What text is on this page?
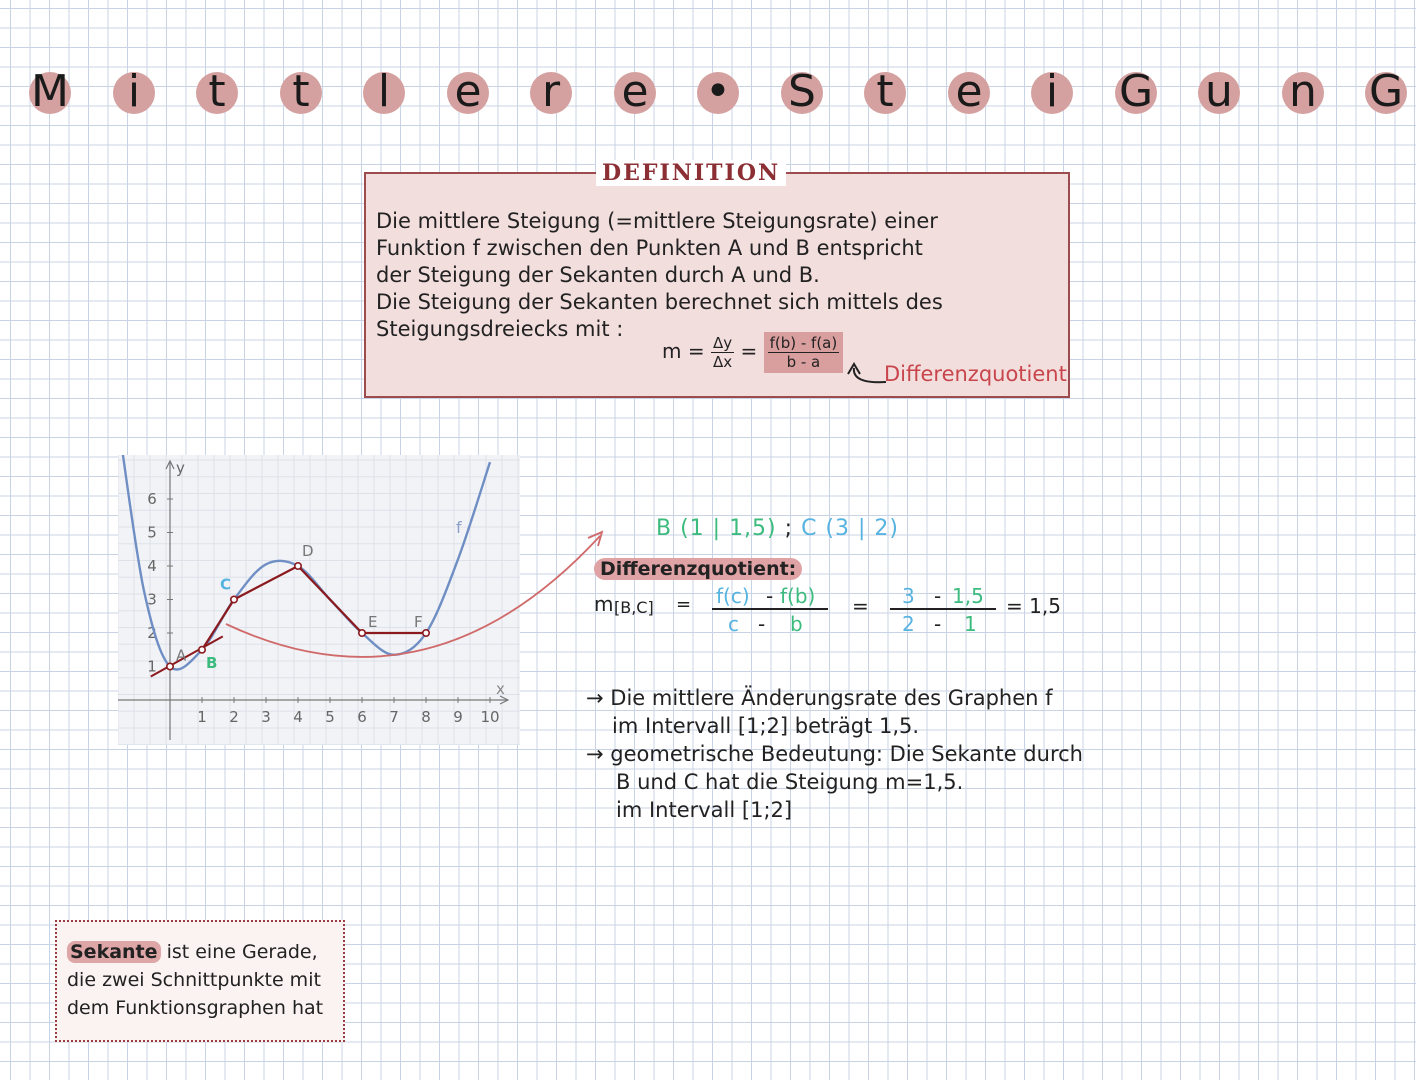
M	i	t	t	l	e	r	e	•	S	t	e	i	G	u	n	G
DEFINITION
Die mittlere Steigung (=mittlere Steigungsrate) einer
Funktion f zwischen den Punkten A und B entspricht
der Steigung der Sekanten durch A und B.
Die Steigung der Sekanten berechnet sich mittels des
Steigungsdreiecks mit :
$m = \frac{\Delta y}{\Delta x} = \frac{f(b) - f(a)}{b - a}$
Differenzquotient
1 2 3 4 5 6 7 8 9 10
1
2
3
4
5
6
y
x
f
A B
C
D
E F
B (1 | 1,5) ; C (3 | 2)
Differenzquotient:
m [B,C] = f(c) - f(b)
c - b
= 3 - 1,5
2 - 1
= 1,5
→ Die mittlere Änderungsrate des Graphen f
im Intervall [1;2] beträgt 1,5.
→ geometrische Bedeutung: Die Sekante durch
B und C hat die Steigung m=1,5.
im Intervall [1;2]
Sekante ist eine Gerade,
die zwei Schnittpunkte mit
dem Funktionsgraphen hat
